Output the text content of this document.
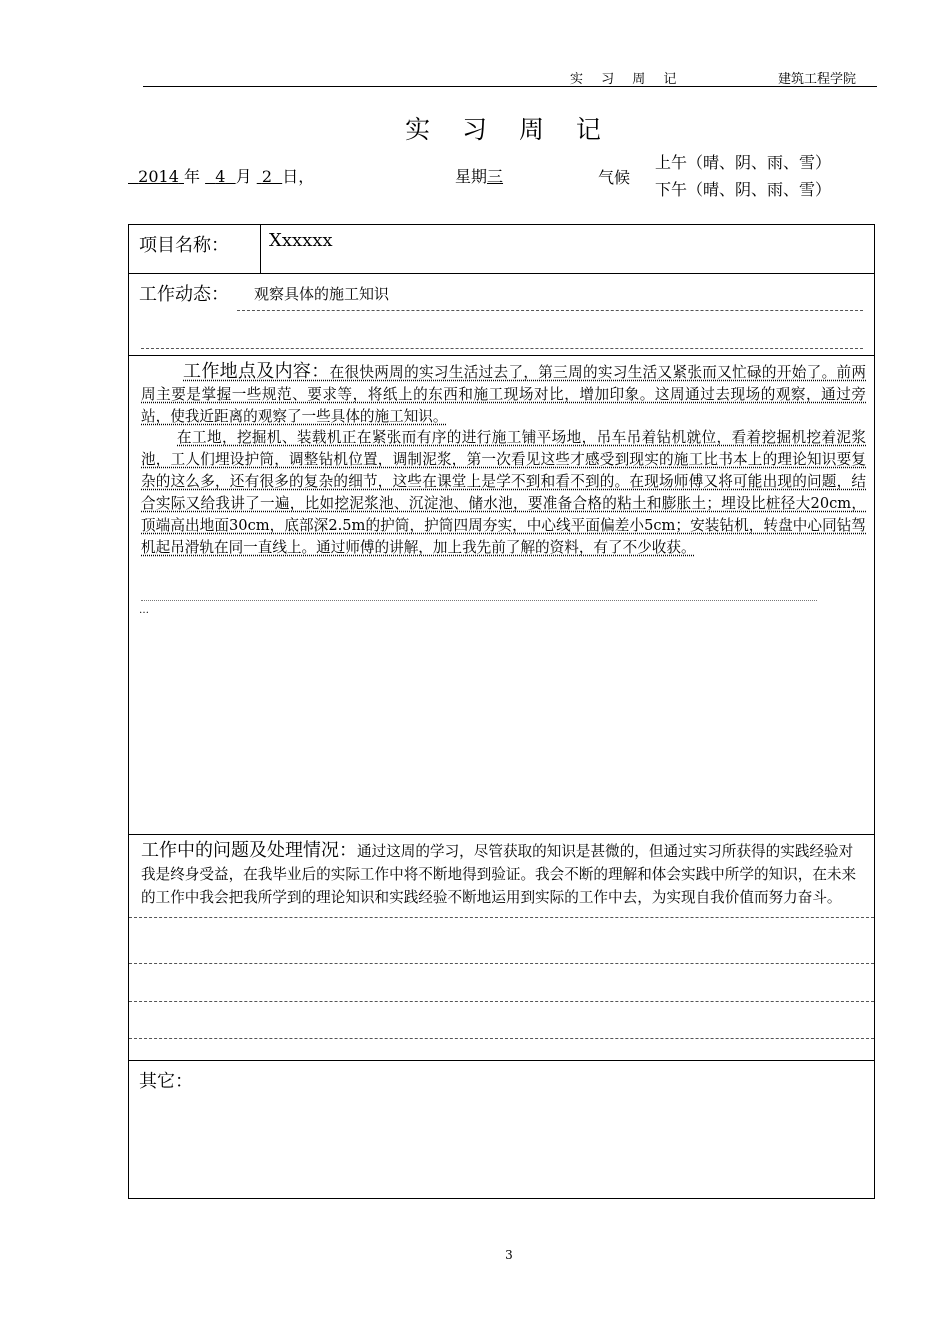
实 习 周 记	建筑工程学院
实 习 周 记
2014 年 4 月 2 日，	星期三	气候
上午（晴、阴、雨、雪）
下午（晴、阴、雨、雪）
项目名称： Xxxxxx
工作动态： 观察具体的施工知识
工作地点及内容：在很快两周的实习生活过去了，第三周的实习生活又紧张而又忙碌的开始了。前两周主要是掌握一些规范、要求等，将纸上的东西和施工现场对比，增加印象。这周通过去现场的观察，通过旁站，使我近距离的观察了一些具体的施工知识。
在工地，挖掘机、装载机正在紧张而有序的进行施工铺平场地，吊车吊着钻机就位，看着挖掘机挖着泥浆池，工人们埋设护筒，调整钻机位置，调制泥浆，第一次看见这些才感受到现实的施工比书本上的理论知识要复杂的这么多，还有很多的复杂的细节，这些在课堂上是学不到和看不到的。在现场师傅又将可能出现的问题，结合实际又给我讲了一遍，比如挖泥浆池、沉淀池、储水池，要准备合格的粘土和膨胀土；埋设比桩径大20cm，顶端高出地面30cm，底部深2.5m的护筒，护筒四周夯实，中心线平面偏差小5cm；安装钻机，转盘中心同钻驾机起吊滑轨在同一直线上。通过师傅的讲解，加上我先前了解的资料，有了不少收获。
…
工作中的问题及处理情况：通过这周的学习，尽管获取的知识是甚微的，但通过实习所获得的实践经验对我是终身受益，在我毕业后的实际工作中将不断地得到验证。我会不断的理解和体会实践中所学的知识，在未来的工作中我会把我所学到的理论知识和实践经验不断地运用到实际的工作中去，为实现自我价值而努力奋斗。
其它：
3
